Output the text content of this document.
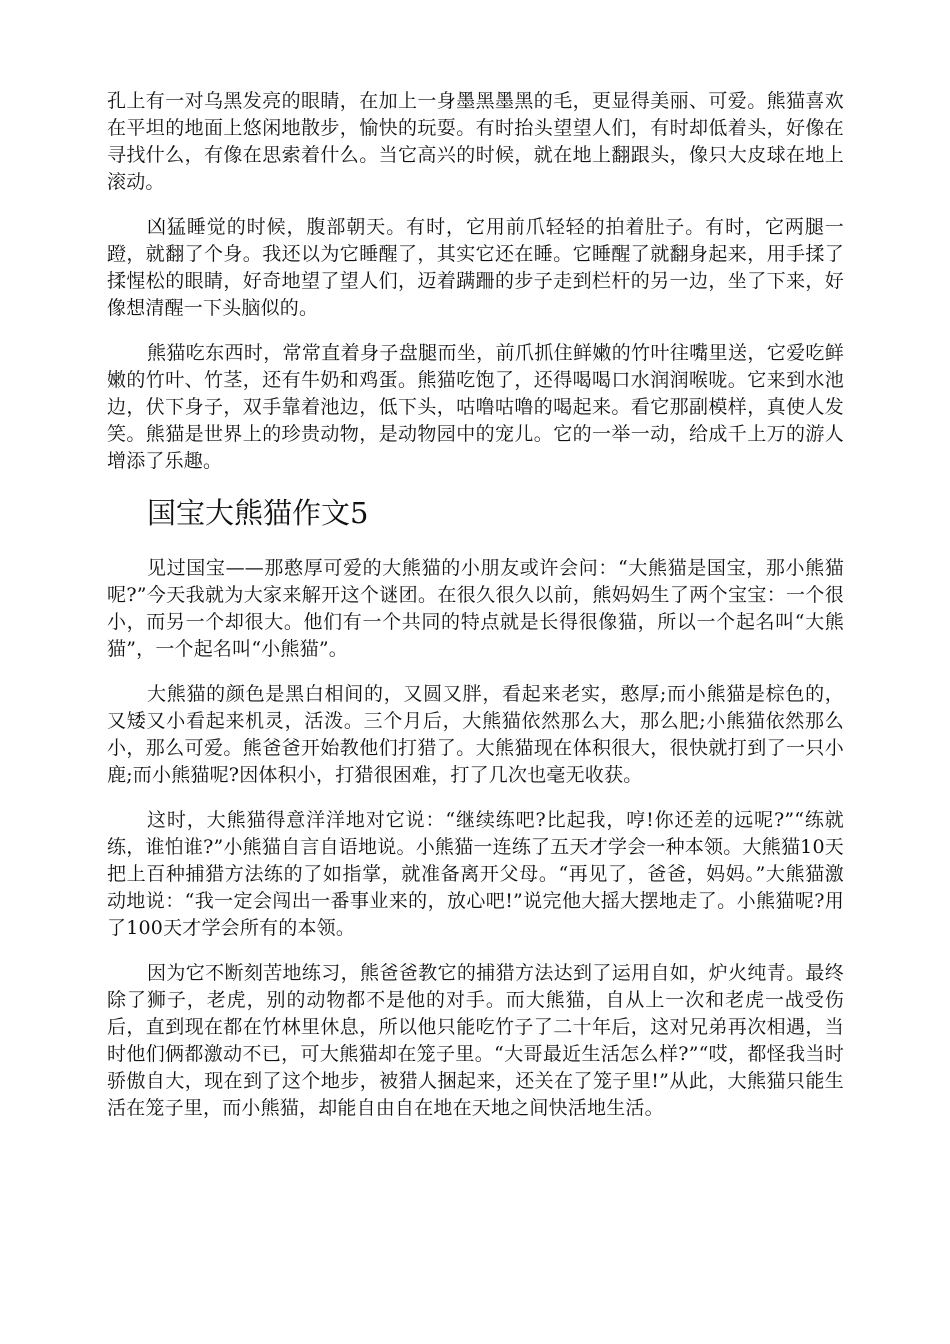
孔上有一对乌黑发亮的眼睛，在加上一身墨黑墨黑的毛，更显得美丽、可爱。熊猫喜欢在平坦的地面上悠闲地散步，愉快的玩耍。有时抬头望望人们，有时却低着头，好像在寻找什么，有像在思索着什么。当它高兴的时候，就在地上翻跟头，像只大皮球在地上滚动。

凶猛睡觉的时候，腹部朝天。有时，它用前爪轻轻的拍着肚子。有时，它两腿一蹬，就翻了个身。我还以为它睡醒了，其实它还在睡。它睡醒了就翻身起来，用手揉了揉惺松的眼睛，好奇地望了望人们，迈着蹒跚的步子走到栏杆的另一边，坐了下来，好像想清醒一下头脑似的。

熊猫吃东西时，常常直着身子盘腿而坐，前爪抓住鲜嫩的竹叶往嘴里送，它爱吃鲜嫩的竹叶、竹茎，还有牛奶和鸡蛋。熊猫吃饱了，还得喝喝口水润润喉咙。它来到水池边，伏下身子，双手靠着池边，低下头，咕噜咕噜的喝起来。看它那副模样，真使人发笑。熊猫是世界上的珍贵动物，是动物园中的宠儿。它的一举一动，给成千上万的游人增添了乐趣。

国宝大熊猫作文5

见过国宝——那憨厚可爱的大熊猫的小朋友或许会问：“大熊猫是国宝，那小熊猫呢?”今天我就为大家来解开这个谜团。在很久很久以前，熊妈妈生了两个宝宝：一个很小，而另一个却很大。他们有一个共同的特点就是长得很像猫，所以一个起名叫“大熊猫”，一个起名叫“小熊猫”。

大熊猫的颜色是黑白相间的，又圆又胖，看起来老实，憨厚;而小熊猫是棕色的，又矮又小看起来机灵，活泼。三个月后，大熊猫依然那么大，那么肥;小熊猫依然那么小，那么可爱。熊爸爸开始教他们打猎了。大熊猫现在体积很大，很快就打到了一只小鹿;而小熊猫呢?因体积小，打猎很困难，打了几次也毫无收获。

这时，大熊猫得意洋洋地对它说：“继续练吧?比起我，哼!你还差的远呢?”“练就练，谁怕谁?”小熊猫自言自语地说。小熊猫一连练了五天才学会一种本领。大熊猫10天把上百种捕猎方法练的了如指掌，就准备离开父母。“再见了，爸爸，妈妈。”大熊猫激动地说：“我一定会闯出一番事业来的，放心吧!”说完他大摇大摆地走了。小熊猫呢?用了100天才学会所有的本领。

因为它不断刻苦地练习，熊爸爸教它的捕猎方法达到了运用自如，炉火纯青。最终除了狮子，老虎，别的动物都不是他的对手。而大熊猫，自从上一次和老虎一战受伤后，直到现在都在竹林里休息，所以他只能吃竹子了二十年后，这对兄弟再次相遇，当时他们俩都激动不已，可大熊猫却在笼子里。“大哥最近生活怎么样?”“哎，都怪我当时骄傲自大，现在到了这个地步，被猎人捆起来，还关在了笼子里!”从此，大熊猫只能生活在笼子里，而小熊猫，却能自由自在地在天地之间快活地生活。
